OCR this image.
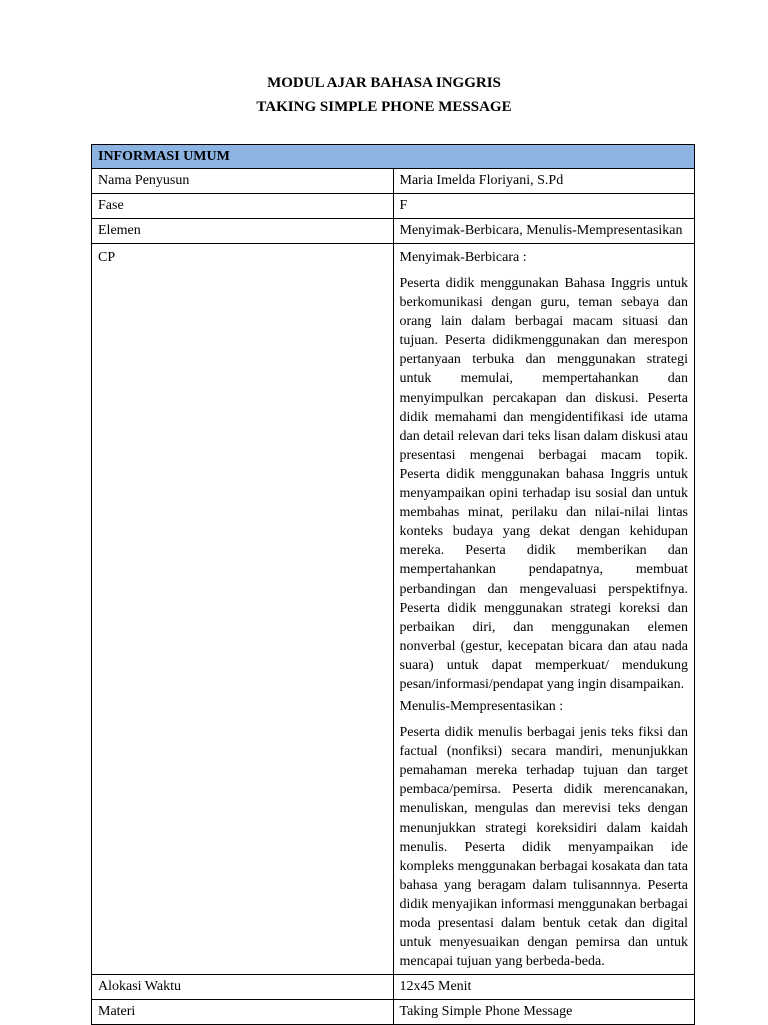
MODUL AJAR BAHASA INGGRIS
TAKING SIMPLE PHONE MESSAGE
INFORMASI UMUM	
Nama Penyusun	Maria Imelda Floriyani, S.Pd
Fase	F
Elemen	Menyimak-Berbicara, Menulis-Mempresentasikan
CP	Menyimak-Berbicara :
Peserta didik menggunakan Bahasa Inggris untuk berkomunikasi dengan guru, teman sebaya dan orang lain dalam berbagai macam situasi dan tujuan. Peserta didikmenggunakan dan merespon pertanyaan terbuka dan menggunakan strategi untuk memulai, mempertahankan dan menyimpulkan percakapan dan diskusi. Peserta didik memahami dan mengidentifikasi ide utama dan detail relevan dari teks lisan dalam diskusi atau presentasi mengenai berbagai macam topik. Peserta didik menggunakan bahasa Inggris untuk menyampaikan opini terhadap isu sosial dan untuk membahas minat, perilaku dan nilai-nilai lintas konteks budaya yang dekat dengan kehidupan mereka. Peserta didik memberikan dan mempertahankan pendapatnya, membuat perbandingan dan mengevaluasi perspektifnya. Peserta didik menggunakan strategi koreksi dan perbaikan diri, dan menggunakan elemen nonverbal (gestur, kecepatan bicara dan atau nada suara) untuk dapat memperkuat/ mendukung pesan/informasi/pendapat yang ingin disampaikan.
Menulis-Mempresentasikan :
Peserta didik menulis berbagai jenis teks fiksi dan factual (nonfiksi) secara mandiri, menunjukkan pemahaman mereka terhadap tujuan dan target pembaca/pemirsa. Peserta didik merencanakan, menuliskan, mengulas dan merevisi teks dengan menunjukkan strategi koreksidiri dalam kaidah menulis. Peserta didik menyampaikan ide kompleks menggunakan berbagai kosakata dan tata bahasa yang beragam dalam tulisannnya. Peserta didik menyajikan informasi menggunakan berbagai moda presentasi dalam bentuk cetak dan digital untuk menyesuaikan dengan pemirsa dan untuk mencapai tujuan yang berbeda-beda.

Alokasi Waktu	12x45 Menit
Materi	Taking Simple Phone Message
